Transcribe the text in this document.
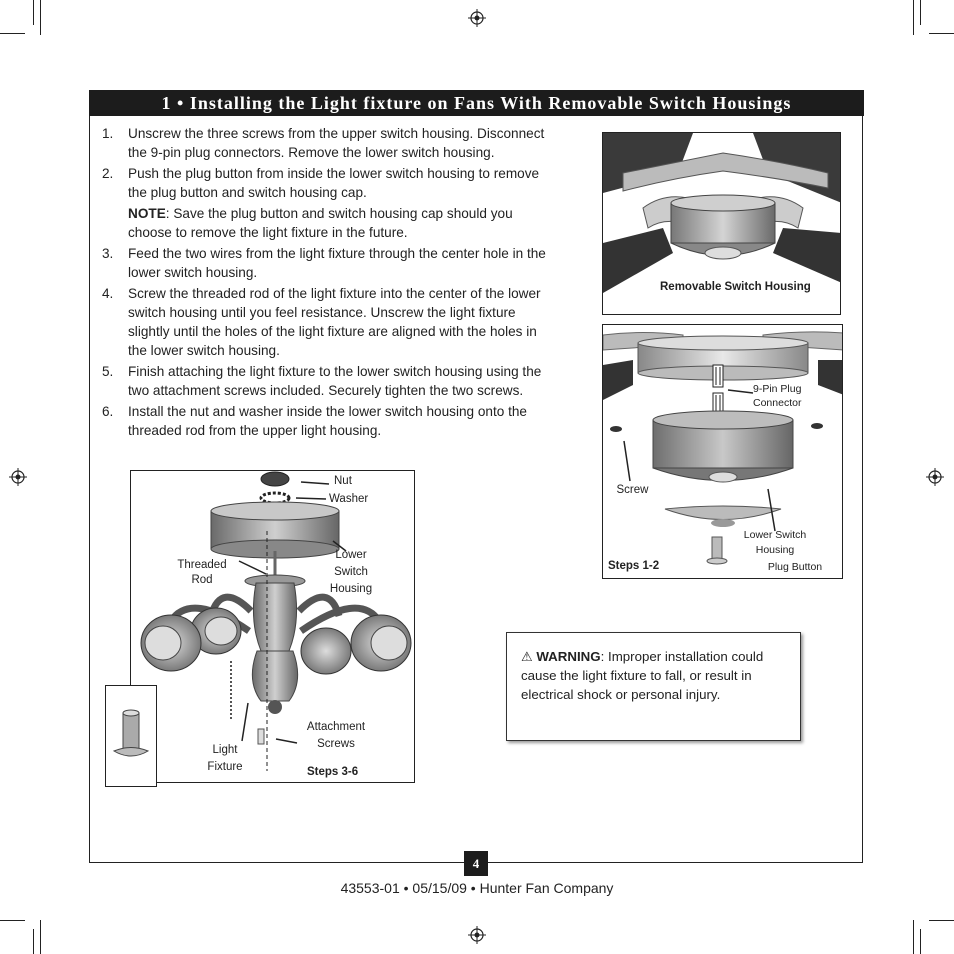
1 • Installing the Light fixture on Fans With Removable Switch Housings
1.	Unscrew the three screws from the upper switch housing. Disconnect the 9-pin plug connectors. Remove the lower switch housing.
2.	Push the plug button from inside the lower switch housing to remove the plug button and switch housing cap.
NOTE: Save the plug button and switch housing cap should you choose to remove the light fixture in the future.
3.	Feed the two wires from the light fixture through the center hole in the lower switch housing.
4.	Screw the threaded rod of the light fixture into the center of the lower switch housing until you feel resistance. Unscrew the light fixture slightly until the holes of the light fixture are aligned with the holes in the lower switch housing.
5.	Finish attaching the light fixture to the lower switch housing using the two attachment screws included. Securely tighten the two screws.
6.	Install the nut and washer inside the lower switch housing onto the threaded rod from the upper light housing.
Removable Switch Housing
9-Pin Plug Connector
Screw
Lower Switch Housing
Plug Button
Steps 1-2
Nut
Washer
Threaded Rod
Lower Switch Housing
Attachment Screws
Light Fixture	Steps 3-6
⚠ WARNING: Improper installation could cause the light fixture to fall, or result in electrical shock or personal injury.
4
43553-01 • 05/15/09 • Hunter Fan Company
